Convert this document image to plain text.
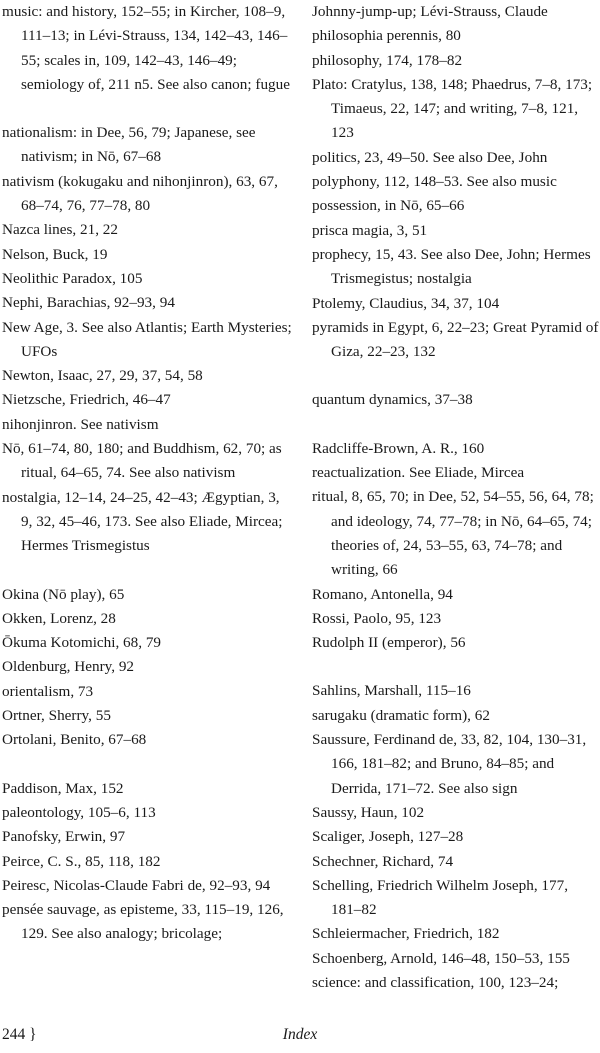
music: and history, 152–55; in Kircher, 108–9, 111–13; in Lévi-Strauss, 134, 142–43, 146–55; scales in, 109, 142–43, 146–49; semiology of, 211 n5. See also canon; fugue
nationalism: in Dee, 56, 79; Japanese, see nativism; in Nō, 67–68
nativism (kokugaku and nihonjinron), 63, 67, 68–74, 76, 77–78, 80
Nazca lines, 21, 22
Nelson, Buck, 19
Neolithic Paradox, 105
Nephi, Barachias, 92–93, 94
New Age, 3. See also Atlantis; Earth Mysteries; UFOs
Newton, Isaac, 27, 29, 37, 54, 58
Nietzsche, Friedrich, 46–47
nihonjinron. See nativism
Nō, 61–74, 80, 180; and Buddhism, 62, 70; as ritual, 64–65, 74. See also nativism
nostalgia, 12–14, 24–25, 42–43; Ægyptian, 3, 9, 32, 45–46, 173. See also Eliade, Mircea; Hermes Trismegistus
Okina (Nō play), 65
Okken, Lorenz, 28
Ōkuma Kotomichi, 68, 79
Oldenburg, Henry, 92
orientalism, 73
Ortner, Sherry, 55
Ortolani, Benito, 67–68
Paddison, Max, 152
paleontology, 105–6, 113
Panofsky, Erwin, 97
Peirce, C. S., 85, 118, 182
Peiresc, Nicolas-Claude Fabri de, 92–93, 94
pensée sauvage, as episteme, 33, 115–19, 126, 129. See also analogy; bricolage;
Johnny-jump-up; Lévi-Strauss, Claude
philosophia perennis, 80
philosophy, 174, 178–82
Plato: Cratylus, 138, 148; Phaedrus, 7–8, 173; Timaeus, 22, 147; and writing, 7–8, 121, 123
politics, 23, 49–50. See also Dee, John
polyphony, 112, 148–53. See also music
possession, in Nō, 65–66
prisca magia, 3, 51
prophecy, 15, 43. See also Dee, John; Hermes Trismegistus; nostalgia
Ptolemy, Claudius, 34, 37, 104
pyramids in Egypt, 6, 22–23; Great Pyramid of Giza, 22–23, 132
quantum dynamics, 37–38
Radcliffe-Brown, A. R., 160
reactualization. See Eliade, Mircea
ritual, 8, 65, 70; in Dee, 52, 54–55, 56, 64, 78; and ideology, 74, 77–78; in Nō, 64–65, 74; theories of, 24, 53–55, 63, 74–78; and writing, 66
Romano, Antonella, 94
Rossi, Paolo, 95, 123
Rudolph II (emperor), 56
Sahlins, Marshall, 115–16
sarugaku (dramatic form), 62
Saussure, Ferdinand de, 33, 82, 104, 130–31, 166, 181–82; and Bruno, 84–85; and Derrida, 171–72. See also sign
Saussy, Haun, 102
Scaliger, Joseph, 127–28
Schechner, Richard, 74
Schelling, Friedrich Wilhelm Joseph, 177, 181–82
Schleiermacher, Friedrich, 182
Schoenberg, Arnold, 146–48, 150–53, 155
science: and classification, 100, 123–24;
244 }	Index
